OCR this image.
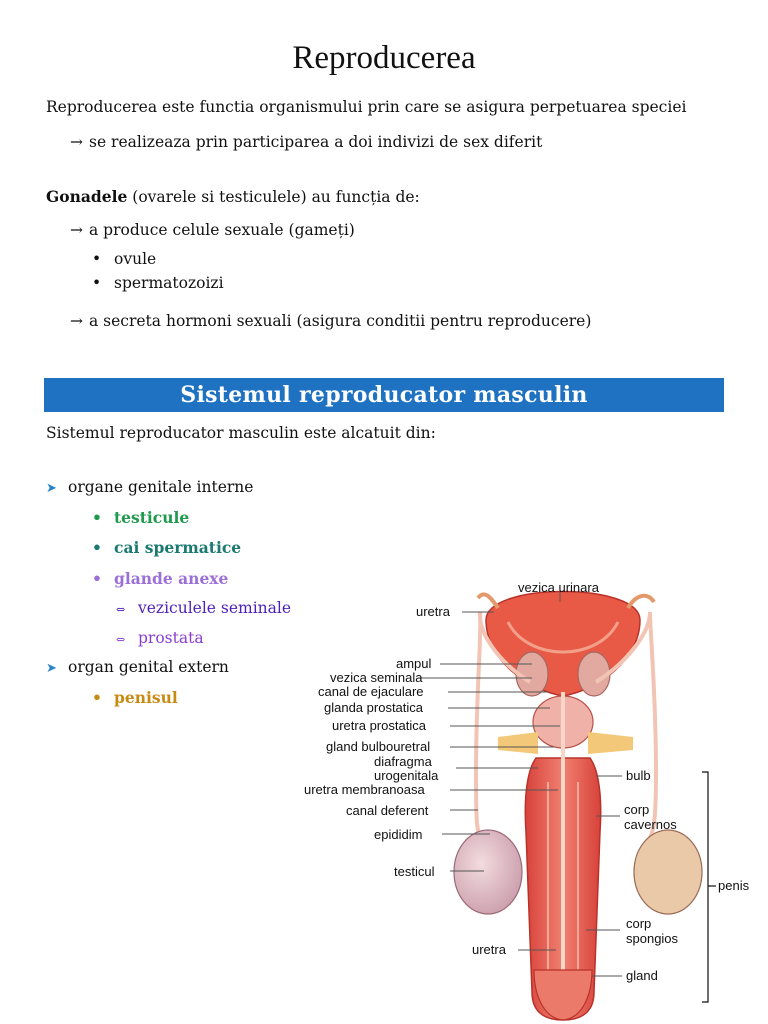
Reproducerea
Reproducerea este functia organismului prin care se asigura perpetuarea speciei
→ se realizeaza prin participarea a doi indivizi de sex diferit
Gonadele (ovarele si testiculele) au funcția de:
→ a produce celule sexuale (gameți)
• ovule
• spermatozoizi
→ a secreta hormoni sexuali (asigura conditii pentru reproducere)
Sistemul reproducator masculin
Sistemul reproducator masculin este alcatuit din:
➤ organe genitale interne
• testicule
• cai spermatice
• glande anexe
⇔ veziculele seminale
⇔ prostata
➤ organ genital extern
• penisul
uretra
ampul
vezica seminala
canal de ejaculare
glanda prostatica
uretra prostatica
gland bulbouretral
diafragma
urogenitala
uretra membranoasa
canal deferent
epididim
testicul
uretra
vezica urinara
bulb
corp
cavernos
penis
corp
spongios
gland
